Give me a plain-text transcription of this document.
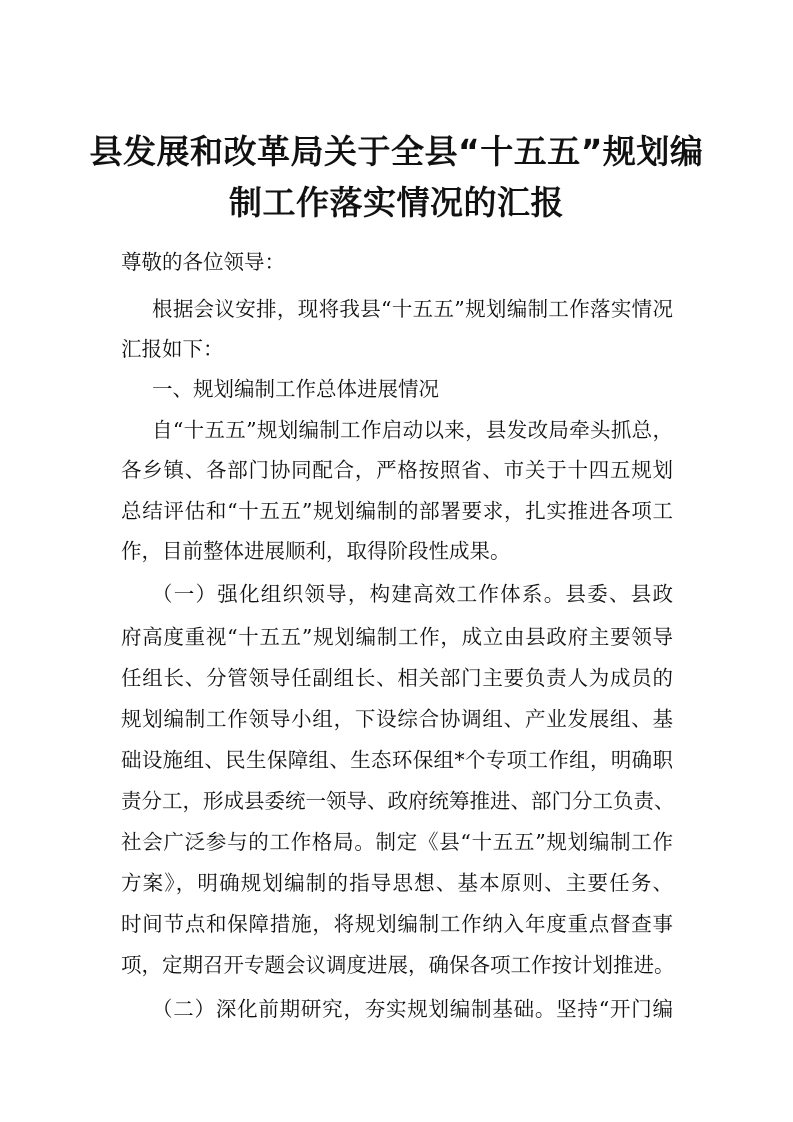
县发展和改革局关于全县“十五五”规划编
制工作落实情况的汇报
尊敬的各位领导：
根据会议安排，现将我县“十五五”规划编制工作落实情况
汇报如下：
一、规划编制工作总体进展情况
自“十五五”规划编制工作启动以来，县发改局牵头抓总，
各乡镇、各部门协同配合，严格按照省、市关于十四五规划
总结评估和“十五五”规划编制的部署要求，扎实推进各项工
作，目前整体进展顺利，取得阶段性成果。
（一）强化组织领导，构建高效工作体系。县委、县政
府高度重视“十五五”规划编制工作，成立由县政府主要领导
任组长、分管领导任副组长、相关部门主要负责人为成员的
规划编制工作领导小组，下设综合协调组、产业发展组、基
础设施组、民生保障组、生态环保组*个专项工作组，明确职
责分工，形成县委统一领导、政府统筹推进、部门分工负责、
社会广泛参与的工作格局。制定《县“十五五”规划编制工作
方案》，明确规划编制的指导思想、基本原则、主要任务、
时间节点和保障措施，将规划编制工作纳入年度重点督查事
项，定期召开专题会议调度进展，确保各项工作按计划推进。
（二）深化前期研究，夯实规划编制基础。坚持“开门编
